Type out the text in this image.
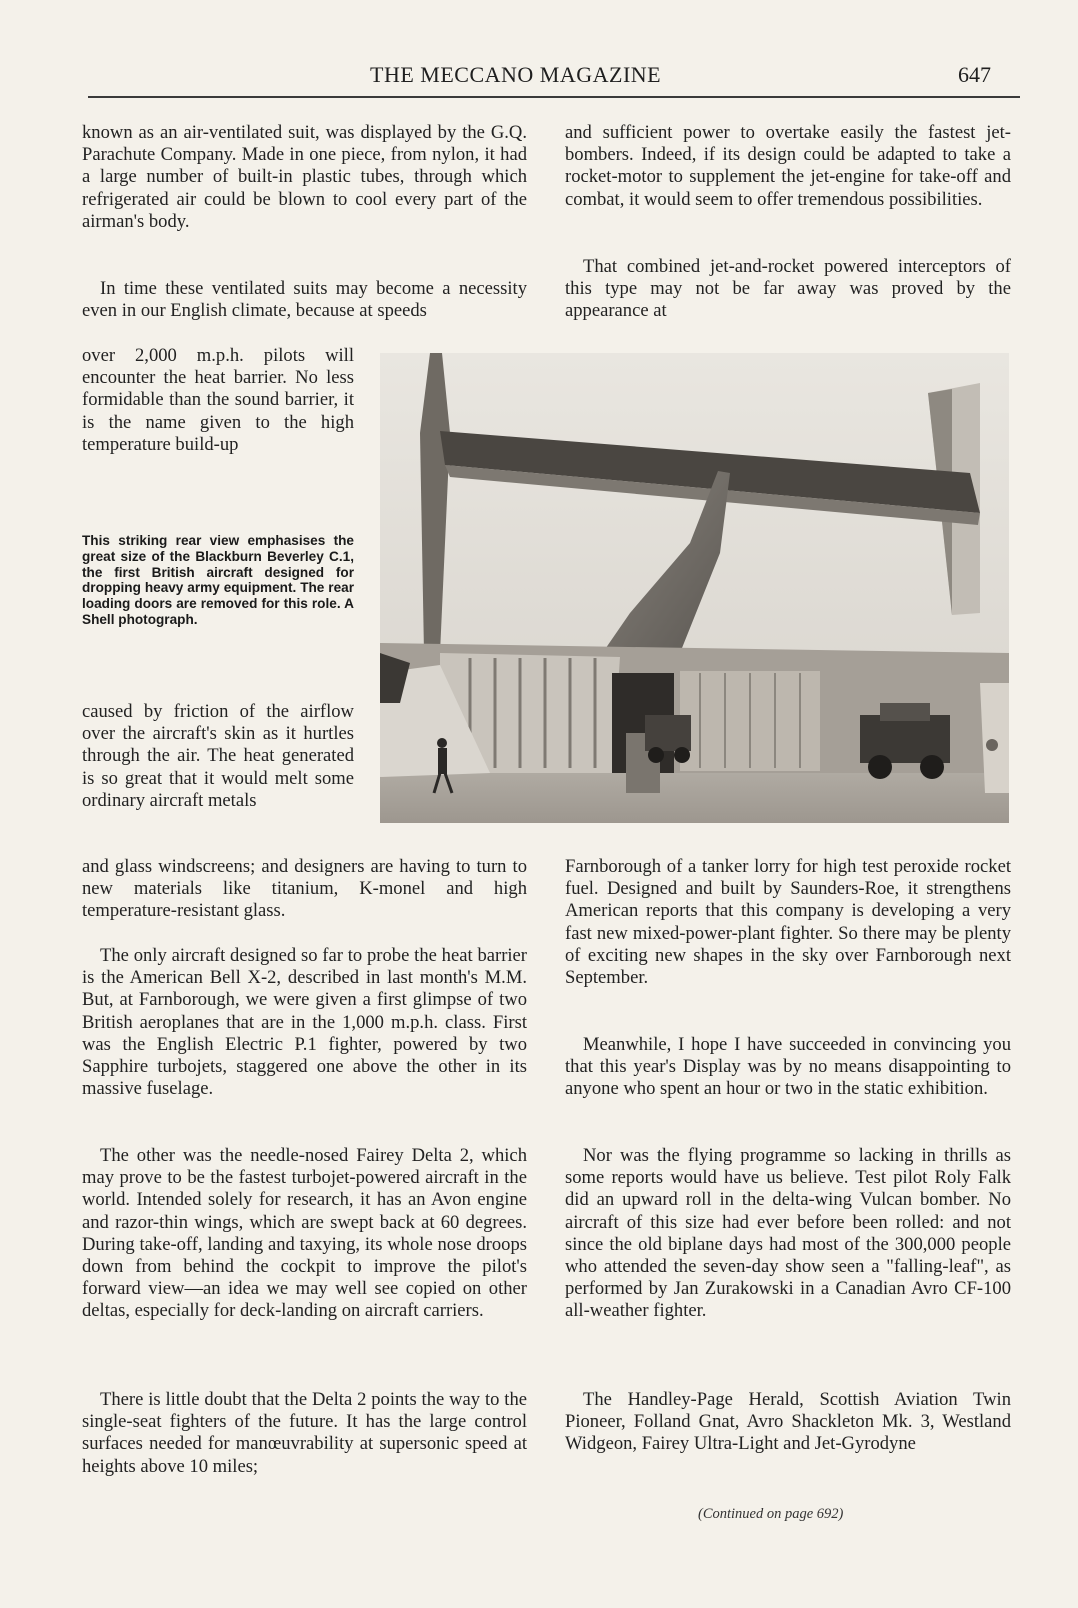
THE MECCANO MAGAZINE	647

known as an air-ventilated suit, was displayed by the G.Q. Parachute Company. Made in one piece, from nylon, it had a large number of built-in plastic tubes, through which refrigerated air could be blown to cool every part of the airman's body.

In time these ventilated suits may become a necessity even in our English climate, because at speeds

over 2,000 m.p.h. pilots will encounter the heat barrier. No less formidable than the sound barrier, it is the name given to the high temperature build-up

This striking rear view emphasises the great size of the Blackburn Beverley C.1, the first British aircraft designed for dropping heavy army equipment. The rear loading doors are removed for this role. A Shell photograph.

caused by friction of the airflow over the aircraft's skin as it hurtles through the air. The heat generated is so great that it would melt some ordinary aircraft metals

and glass windscreens; and designers are having to turn to new materials like titanium, K-monel and high temperature-resistant glass.

The only aircraft designed so far to probe the heat barrier is the American Bell X-2, described in last month's M.M. But, at Farnborough, we were given a first glimpse of two British aeroplanes that are in the 1,000 m.p.h. class. First was the English Electric P.1 fighter, powered by two Sapphire turbojets, staggered one above the other in its massive fuselage.

The other was the needle-nosed Fairey Delta 2, which may prove to be the fastest turbojet-powered aircraft in the world. Intended solely for research, it has an Avon engine and razor-thin wings, which are swept back at 60 degrees. During take-off, landing and taxying, its whole nose droops down from behind the cockpit to improve the pilot's forward view—an idea we may well see copied on other deltas, especially for deck-landing on aircraft carriers.

There is little doubt that the Delta 2 points the way to the single-seat fighters of the future. It has the large control surfaces needed for manœuvrability at supersonic speed at heights above 10 miles;

and sufficient power to overtake easily the fastest jet-bombers. Indeed, if its design could be adapted to take a rocket-motor to supplement the jet-engine for take-off and combat, it would seem to offer tremendous possibilities.

That combined jet-and-rocket powered interceptors of this type may not be far away was proved by the appearance at

Farnborough of a tanker lorry for high test peroxide rocket fuel. Designed and built by Saunders-Roe, it strengthens American reports that this company is developing a very fast new mixed-power-plant fighter. So there may be plenty of exciting new shapes in the sky over Farnborough next September.

Meanwhile, I hope I have succeeded in convincing you that this year's Display was by no means disappointing to anyone who spent an hour or two in the static exhibition.

Nor was the flying programme so lacking in thrills as some reports would have us believe. Test pilot Roly Falk did an upward roll in the delta-wing Vulcan bomber. No aircraft of this size had ever before been rolled: and not since the old biplane days had most of the 300,000 people who attended the seven-day show seen a "falling-leaf", as performed by Jan Zurakowski in a Canadian Avro CF-100 all-weather fighter.

The Handley-Page Herald, Scottish Aviation Twin Pioneer, Folland Gnat, Avro Shackleton Mk. 3, Westland Widgeon, Fairey Ultra-Light and Jet-Gyrodyne

(Continued on page 692)
